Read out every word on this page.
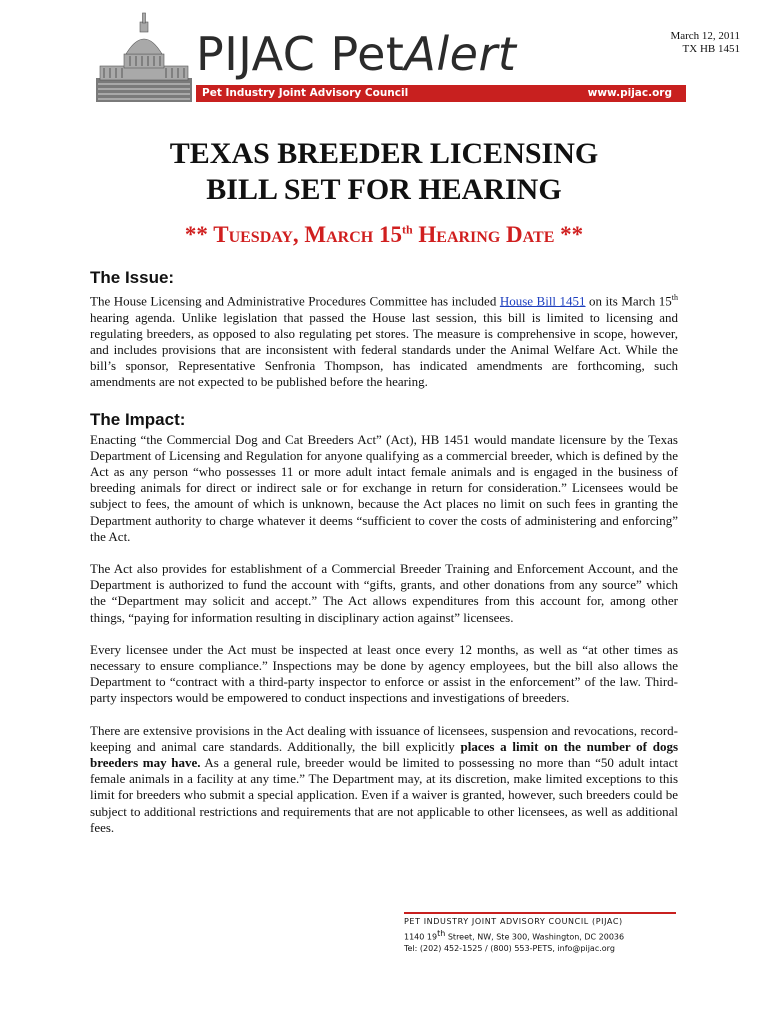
PIJAC PetAlert
Pet Industry Joint Advisory Council	www.pijac.org
March 12, 2011
TX HB 1451
TEXAS BREEDER LICENSING
BILL SET FOR HEARING
** Tuesday, March 15th Hearing Date **
The Issue:

The House Licensing and Administrative Procedures Committee has included House Bill 1451 on its March 15th hearing agenda. Unlike legislation that passed the House last session, this bill is limited to licensing and regulating breeders, as opposed to also regulating pet stores. The measure is comprehensive in scope, however, and includes provisions that are inconsistent with federal standards under the Animal Welfare Act. While the bill’s sponsor, Representative Senfronia Thompson, has indicated amendments are forthcoming, such amendments are not expected to be published before the hearing.

The Impact:

Enacting “the Commercial Dog and Cat Breeders Act” (Act), HB 1451 would mandate licensure by the Texas Department of Licensing and Regulation for anyone qualifying as a commercial breeder, which is defined by the Act as any person “who possesses 11 or more adult intact female animals and is engaged in the business of breeding animals for direct or indirect sale or for exchange in return for consideration.” Licensees would be subject to fees, the amount of which is unknown, because the Act places no limit on such fees in granting the Department authority to charge whatever it deems “sufficient to cover the costs of administering and enforcing” the Act.

The Act also provides for establishment of a Commercial Breeder Training and Enforcement Account, and the Department is authorized to fund the account with “gifts, grants, and other donations from any source” which the “Department may solicit and accept.” The Act allows expenditures from this account for, among other things, “paying for information resulting in disciplinary action against” licensees.

Every licensee under the Act must be inspected at least once every 12 months, as well as “at other times as necessary to ensure compliance.” Inspections may be done by agency employees, but the bill also allows the Department to “contract with a third-party inspector to enforce or assist in the enforcement” of the law. Third-party inspectors would be empowered to conduct inspections and investigations of breeders.

There are extensive provisions in the Act dealing with issuance of licensees, suspension and revocations, record-keeping and animal care standards. Additionally, the bill explicitly places a limit on the number of dogs breeders may have. As a general rule, breeder would be limited to possessing no more than “50 adult intact female animals in a facility at any time.” The Department may, at its discretion, make limited exceptions to this limit for breeders who submit a special application. Even if a waiver is granted, however, such breeders could be subject to additional restrictions and requirements that are not applicable to other licensees, as well as additional fees.

PET INDUSTRY JOINT ADVISORY COUNCIL (PIJAC)
1140 19th Street, NW, Ste 300, Washington, DC 20036
Tel: (202) 452-1525 / (800) 553-PETS, info@pijac.org
